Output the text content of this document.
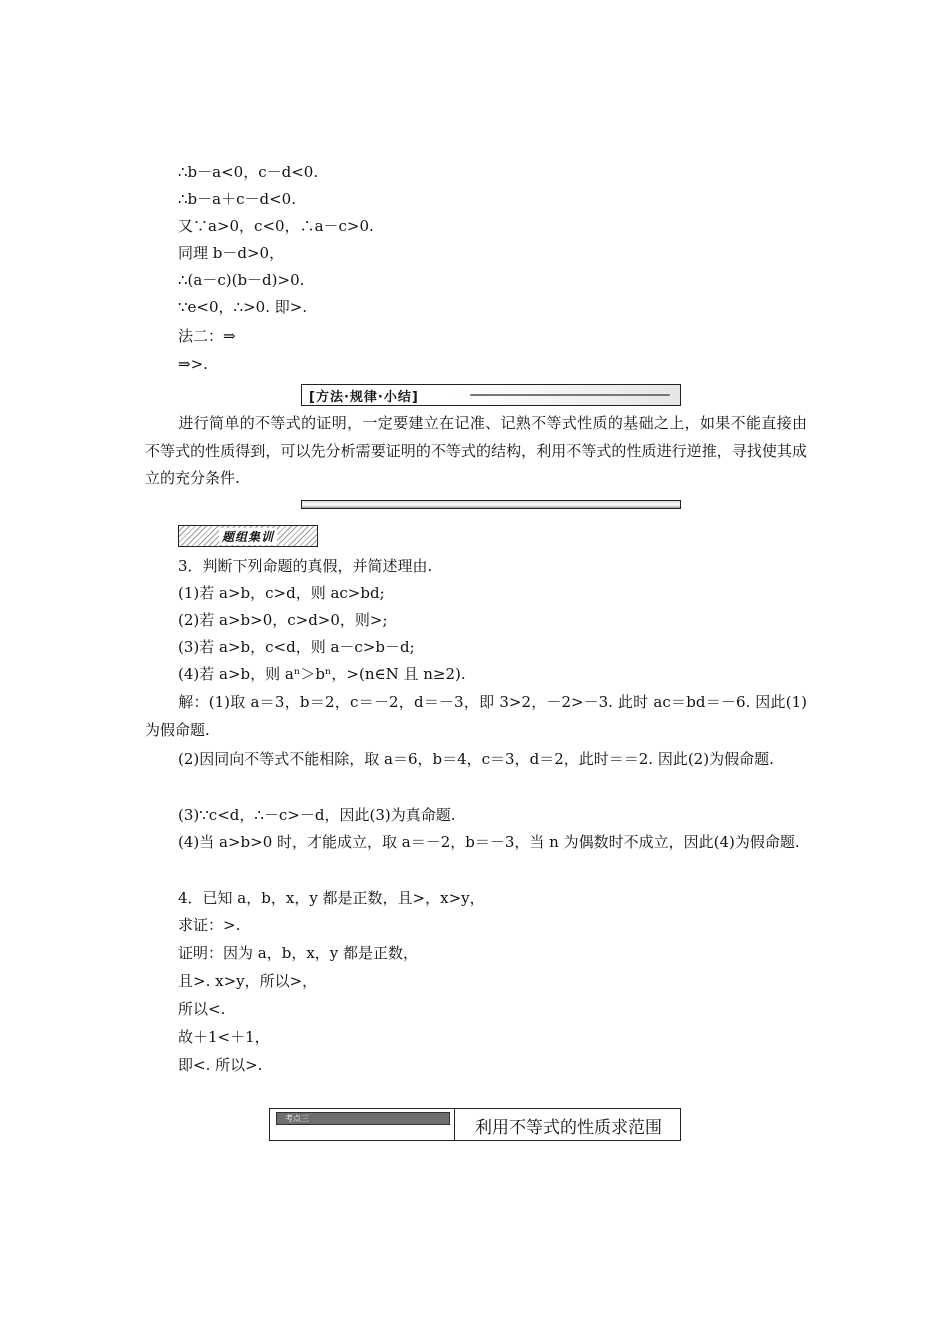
∴b－a<0，c－d<0.
∴b－a＋c－d<0.
又∵a>0，c<0，∴a－c>0.
同理 b－d>0，
∴(a－c)(b－d)>0.
∵e<0，∴>0. 即>.
法二：⇒
⇒>.
[方法·规律·小结]
进行简单的不等式的证明，一定要建立在记准、记熟不等式性质的基础之上，如果不能直接由不等式的性质得到，可以先分析需要证明的不等式的结构，利用不等式的性质进行逆推，寻找使其成立的充分条件.
题组集训
3．判断下列命题的真假，并简述理由.
(1)若 a>b，c>d，则 ac>bd;
(2)若 a>b>0，c>d>0，则>;
(3)若 a>b，c<d，则 a－c>b－d;
(4)若 a>b，则 aⁿ＞bⁿ，>(n∈N 且 n≥2).
解：(1)取 a＝3，b＝2，c＝－2，d＝－3，即 3>2，－2>－3. 此时 ac＝bd＝－6. 因此(1)为假命题.
(2)因同向不等式不能相除，取 a＝6，b＝4，c＝3，d＝2，此时＝＝2. 因此(2)为假命题.
(3)∵c<d，∴－c>－d，因此(3)为真命题.
(4)当 a>b>0 时，才能成立，取 a＝－2，b＝－3，当 n 为偶数时不成立，因此(4)为假命题.
4．已知 a，b，x，y 都是正数，且>，x>y，
求证：>.
证明：因为 a，b，x，y 都是正数，
且>. x>y，所以>，
所以<.
故＋1<＋1，
即<. 所以>.
考点三	利用不等式的性质求范围
